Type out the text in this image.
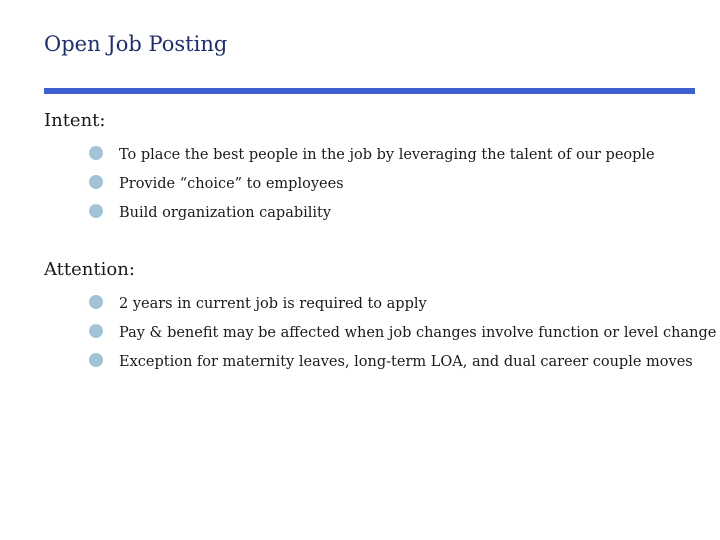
Open Job Posting
Intent:
To place the best people in the job by leveraging the talent of our people
Provide “choice” to employees
Build organization capability
Attention:
2 years in current job is required to apply
Pay & benefit may be affected when job changes involve function or level change
Exception for maternity leaves, long-term LOA, and dual career couple moves
